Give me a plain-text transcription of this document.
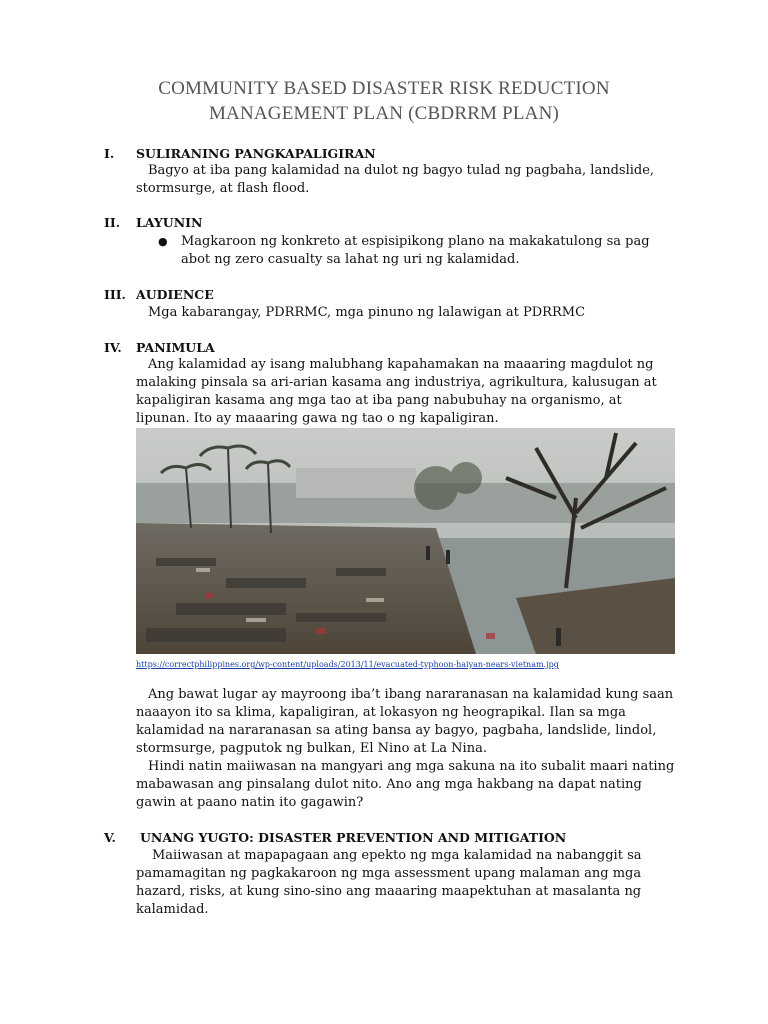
COMMUNITY BASED DISASTER RISK REDUCTION
MANAGEMENT PLAN (CBDRRM PLAN)
I. SULIRANING PANGKAPALIGIRAN

Bagyo at iba pang kalamidad na dulot ng bagyo tulad ng pagbaha, landslide, stormsurge, at flash flood.

II. LAYUNIN
● Magkaroon ng konkreto at espisipikong plano na makakatulong sa pag abot ng zero casualty sa lahat ng uri ng kalamidad.
III. AUDIENCE
Mga kabarangay, PDRRMC, mga pinuno ng lalawigan at PDRRMC
IV. PANIMULA

Ang kalamidad ay isang malubhang kapahamakan na maaaring magdulot ng malaking pinsala sa ari-arian kasama ang industriya, agrikultura, kalusugan at kapaligiran kasama ang mga tao at iba pang nabubuhay na organismo, at lipunan. Ito ay maaaring gawa ng tao o ng kapaligiran.

https://correctphilippines.org/wp-content/uploads/2013/11/evacuated-typhoon-haiyan-nears-vietnam.jpg

Ang bawat lugar ay mayroong iba’t ibang nararanasan na kalamidad kung saan naaayon ito sa klima, kapaligiran, at lokasyon ng heograpikal. Ilan sa mga kalamidad na nararanasan sa ating bansa ay bagyo, pagbaha, landslide, lindol, stormsurge, pagputok ng bulkan, El Nino at La Nina.

Hindi natin maiiwasan na mangyari ang mga sakuna na ito subalit maari nating mabawasan ang pinsalang dulot nito. Ano ang mga hakbang na dapat nating gawin at paano natin ito gagawin?

V. UNANG YUGTO: DISASTER PREVENTION AND MITIGATION

Maiiwasan at mapapagaan ang epekto ng mga kalamidad na nabanggit sa pamamagitan ng pagkakaroon ng mga assessment upang malaman ang mga hazard, risks, at kung sino-sino ang maaaring maapektuhan at masalanta ng kalamidad.
